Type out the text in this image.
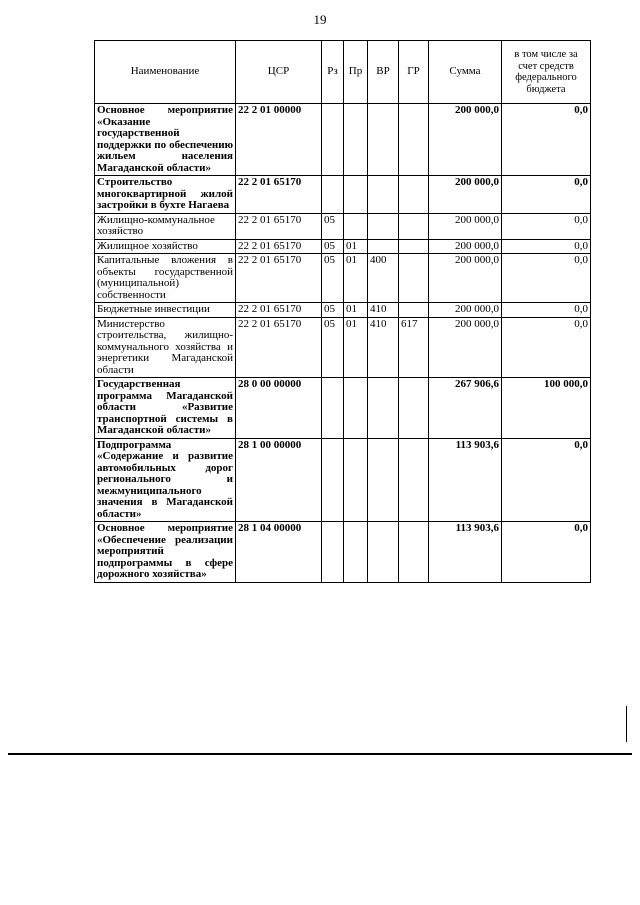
19
Наименование	ЦСР	Рз	Пр	ВР	ГР	Сумма	в том числе за счет средств федерального бюджета
Основное мероприятие «Оказание государственной поддержки по обеспечению жильем населения Магаданской области»	22 2 01 00000					200 000,0	0,0
Строительство многоквартирной жилой застройки в бухте Нагаева	22 2 01 65170					200 000,0	0,0
Жилищно-коммунальное хозяйство	22 2 01 65170	05				200 000,0	0,0
Жилищное хозяйство	22 2 01 65170	05	01			200 000,0	0,0
Капитальные вложения в объекты государственной (муниципальной) собственности	22 2 01 65170	05	01	400		200 000,0	0,0
Бюджетные инвестиции	22 2 01 65170	05	01	410		200 000,0	0,0
Министерство строительства, жилищно-коммунального хозяйства и энергетики Магаданской области	22 2 01 65170	05	01	410	617	200 000,0	0,0
Государственная программа Магаданской области «Развитие транспортной системы в Магаданской области»	28 0 00 00000					267 906,6	100 000,0
Подпрограмма «Содержание и развитие автомобильных дорог регионального и межмуниципального значения в Магаданской области»	28 1 00 00000					113 903,6	0,0
Основное мероприятие «Обеспечение реализации мероприятий подпрограммы в сфере дорожного хозяйства»	28 1 04 00000					113 903,6	0,0
